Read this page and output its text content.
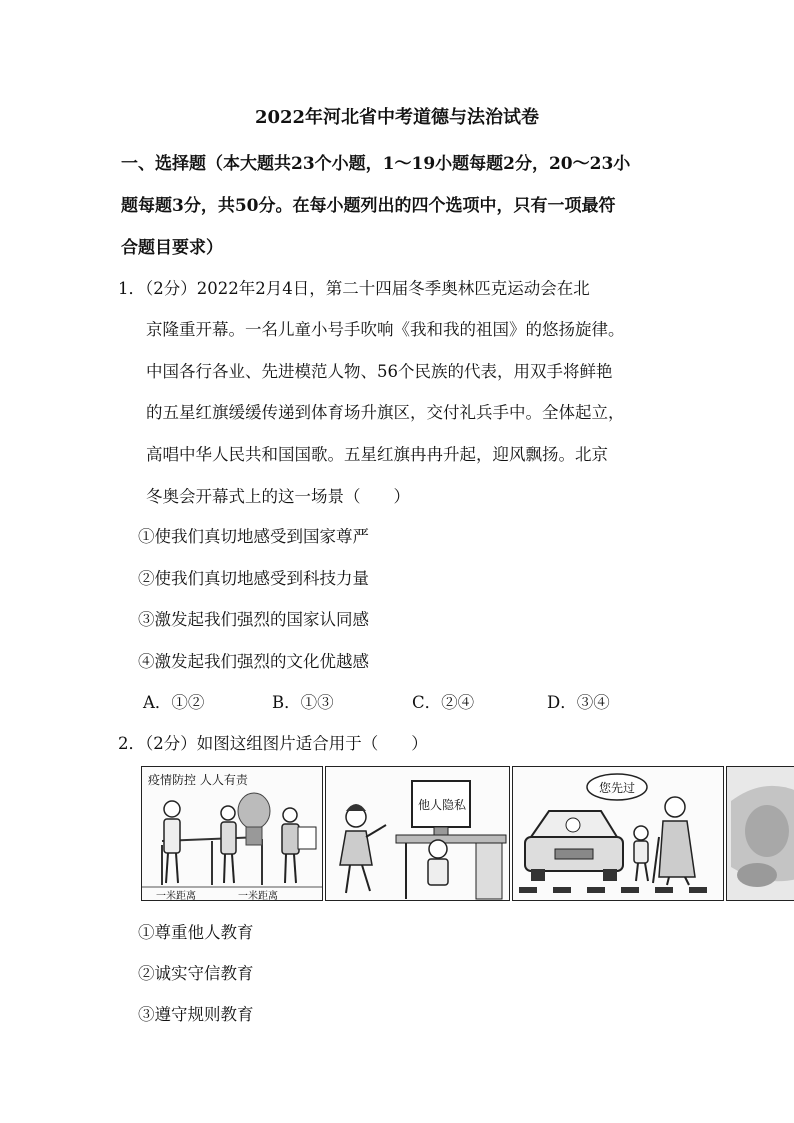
2022年河北省中考道德与法治试卷
一、选择题（本大题共23个小题，1～19小题每题2分，20～23小
题每题3分，共50分。在每小题列出的四个选项中，只有一项最符
合题目要求）
1．（2分）2022年2月4日，第二十四届冬季奥林匹克运动会在北
京隆重开幕。一名儿童小号手吹响《我和我的祖国》的悠扬旋律。
中国各行各业、先进模范人物、56个民族的代表，用双手将鲜艳
的五星红旗缓缓传递到体育场升旗区，交付礼兵手中。全体起立，
高唱中华人民共和国国歌。五星红旗冉冉升起，迎风飘扬。北京
冬奥会开幕式上的这一场景（　　）
①使我们真切地感受到国家尊严
②使我们真切地感受到科技力量
③激发起我们强烈的国家认同感
④激发起我们强烈的文化优越感
A．①②	B．①③	C．②④	D．③④
2．（2分）如图这组图片适合用于（　　）
疫情防控 人人有责
一米距离	一米距离
他人隐私
您先过
①尊重他人教育
②诚实守信教育
③遵守规则教育
